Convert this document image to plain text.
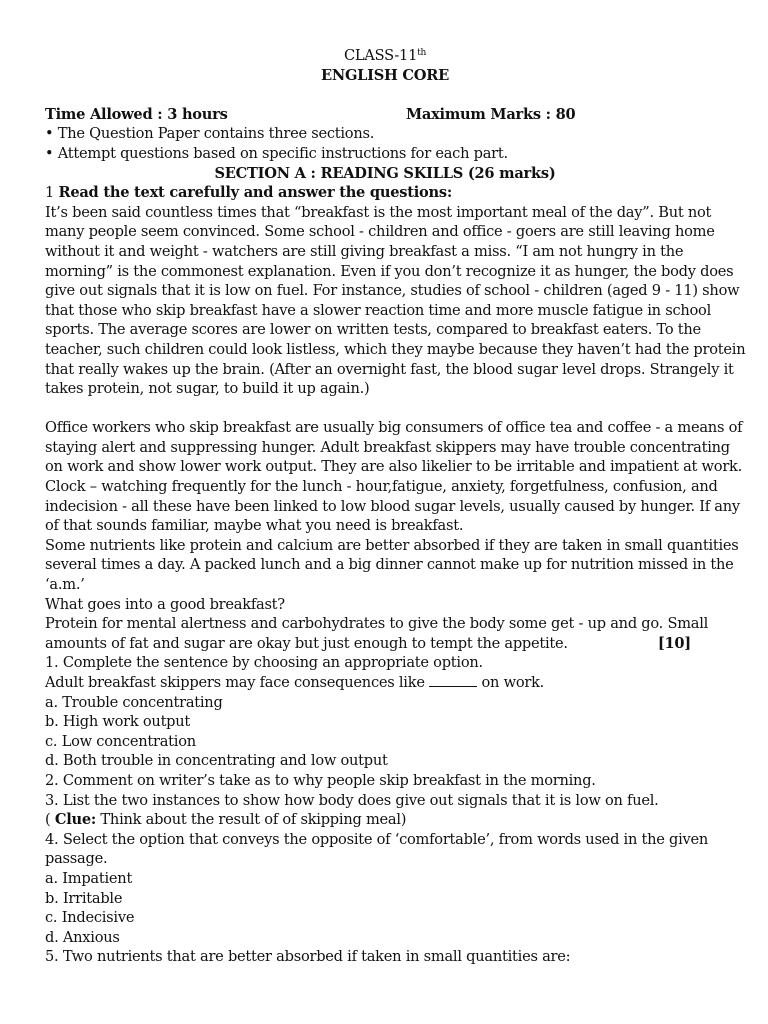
CLASS-11th
ENGLISH CORE
Time Allowed : 3 hours	Maximum Marks : 80
• The Question Paper contains three sections.
• Attempt questions based on specific instructions for each part.
SECTION A : READING SKILLS (26 marks)
1 Read the text carefully and answer the questions:
It’s been said countless times that “breakfast is the most important meal of the day”. But not
many people seem convinced. Some school - children and office - goers are still leaving home
without it and weight - watchers are still giving breakfast a miss. “I am not hungry in the
morning” is the commonest explanation. Even if you don’t recognize it as hunger, the body does
give out signals that it is low on fuel. For instance, studies of school - children (aged 9 - 11) show
that those who skip breakfast have a slower reaction time and more muscle fatigue in school
sports. The average scores are lower on written tests, compared to breakfast eaters. To the
teacher, such children could look listless, which they maybe because they haven’t had the protein
that really wakes up the brain. (After an overnight fast, the blood sugar level drops. Strangely it
takes protein, not sugar, to build it up again.)
Office workers who skip breakfast are usually big consumers of office tea and coffee - a means of
staying alert and suppressing hunger. Adult breakfast skippers may have trouble concentrating
on work and show lower work output. They are also likelier to be irritable and impatient at work.
Clock – watching frequently for the lunch - hour,fatigue, anxiety, forgetfulness, confusion, and
indecision - all these have been linked to low blood sugar levels, usually caused by hunger. If any
of that sounds familiar, maybe what you need is breakfast.
Some nutrients like protein and calcium are better absorbed if they are taken in small quantities
several times a day. A packed lunch and a big dinner cannot make up for nutrition missed in the
‘a.m.’
What goes into a good breakfast?
Protein for mental alertness and carbohydrates to give the body some get - up and go. Small
amounts of fat and sugar are okay but just enough to tempt the appetite.	[10]
1. Complete the sentence by choosing an appropriate option.
Adult breakfast skippers may face consequences like	on work.
a. Trouble concentrating
b. High work output
c. Low concentration
d. Both trouble in concentrating and low output
2. Comment on writer’s take as to why people skip breakfast in the morning.
3. List the two instances to show how body does give out signals that it is low on fuel.
( Clue: Think about the result of of skipping meal)
4. Select the option that conveys the opposite of ‘comfortable’, from words used in the given
passage.
a. Impatient
b. Irritable
c. Indecisive
d. Anxious
5. Two nutrients that are better absorbed if taken in small quantities are:
